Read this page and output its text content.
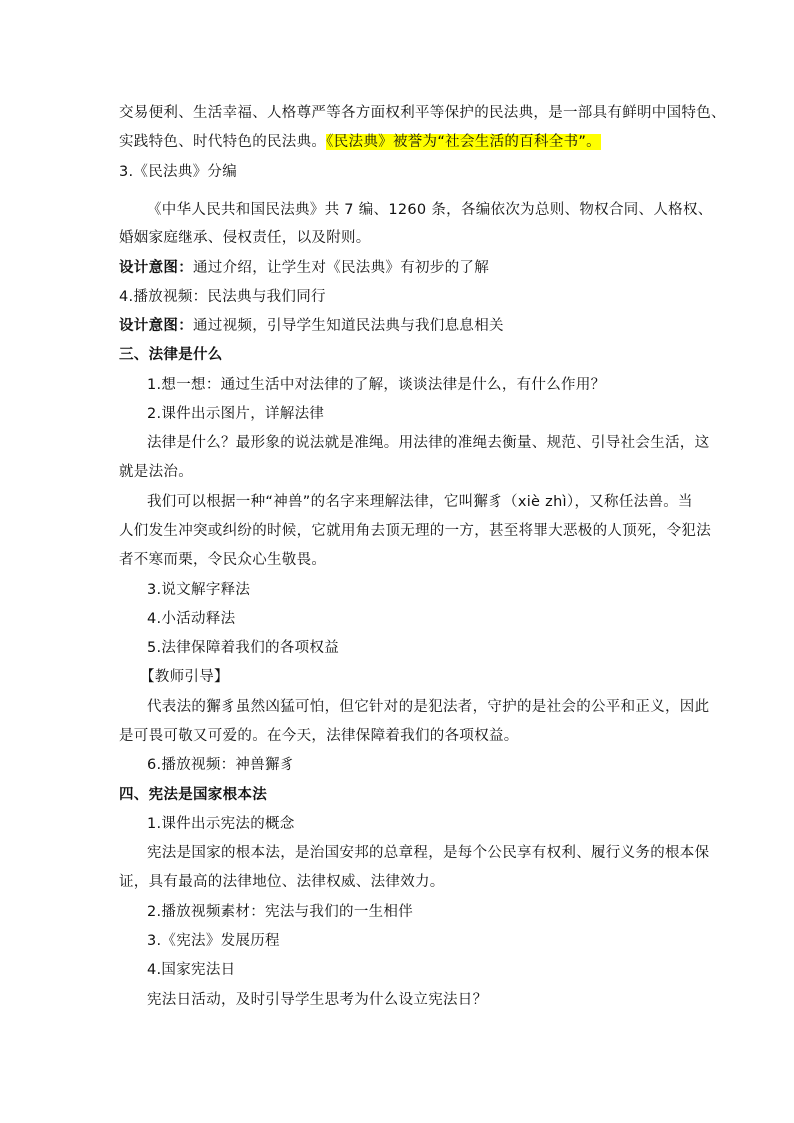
交易便利、生活幸福、人格尊严等各方面权利平等保护的民法典，是一部具有鲜明中国特色、
实践特色、时代特色的民法典。《民法典》被誉为“社会生活的百科全书”。
3.《民法典》分编
《中华人民共和国民法典》共 7 编、1260 条，各编依次为总则、物权合同、人格权、
婚姻家庭继承、侵权责任，以及附则。
设计意图：通过介绍，让学生对《民法典》有初步的了解
4.播放视频：民法典与我们同行
设计意图：通过视频，引导学生知道民法典与我们息息相关
三、法律是什么
1.想一想：通过生活中对法律的了解，谈谈法律是什么，有什么作用？
2.课件出示图片，详解法律
法律是什么？最形象的说法就是准绳。用法律的准绳去衡量、规范、引导社会生活，这
就是法治。
我们可以根据一种“神兽”的名字来理解法律，它叫獬豸（xiè zhì），又称任法兽。当
人们发生冲突或纠纷的时候，它就用角去顶无理的一方，甚至将罪大恶极的人顶死，令犯法
者不寒而栗，令民众心生敬畏。
3.说文解字释法
4.小活动释法
5.法律保障着我们的各项权益
【教师引导】
代表法的獬豸虽然凶猛可怕，但它针对的是犯法者，守护的是社会的公平和正义，因此
是可畏可敬又可爱的。在今天，法律保障着我们的各项权益。
6.播放视频：神兽獬豸
四、宪法是国家根本法
1.课件出示宪法的概念
宪法是国家的根本法，是治国安邦的总章程，是每个公民享有权利、履行义务的根本保
证，具有最高的法律地位、法律权威、法律效力。
2.播放视频素材：宪法与我们的一生相伴
3.《宪法》发展历程
4.国家宪法日
宪法日活动，及时引导学生思考为什么设立宪法日？
